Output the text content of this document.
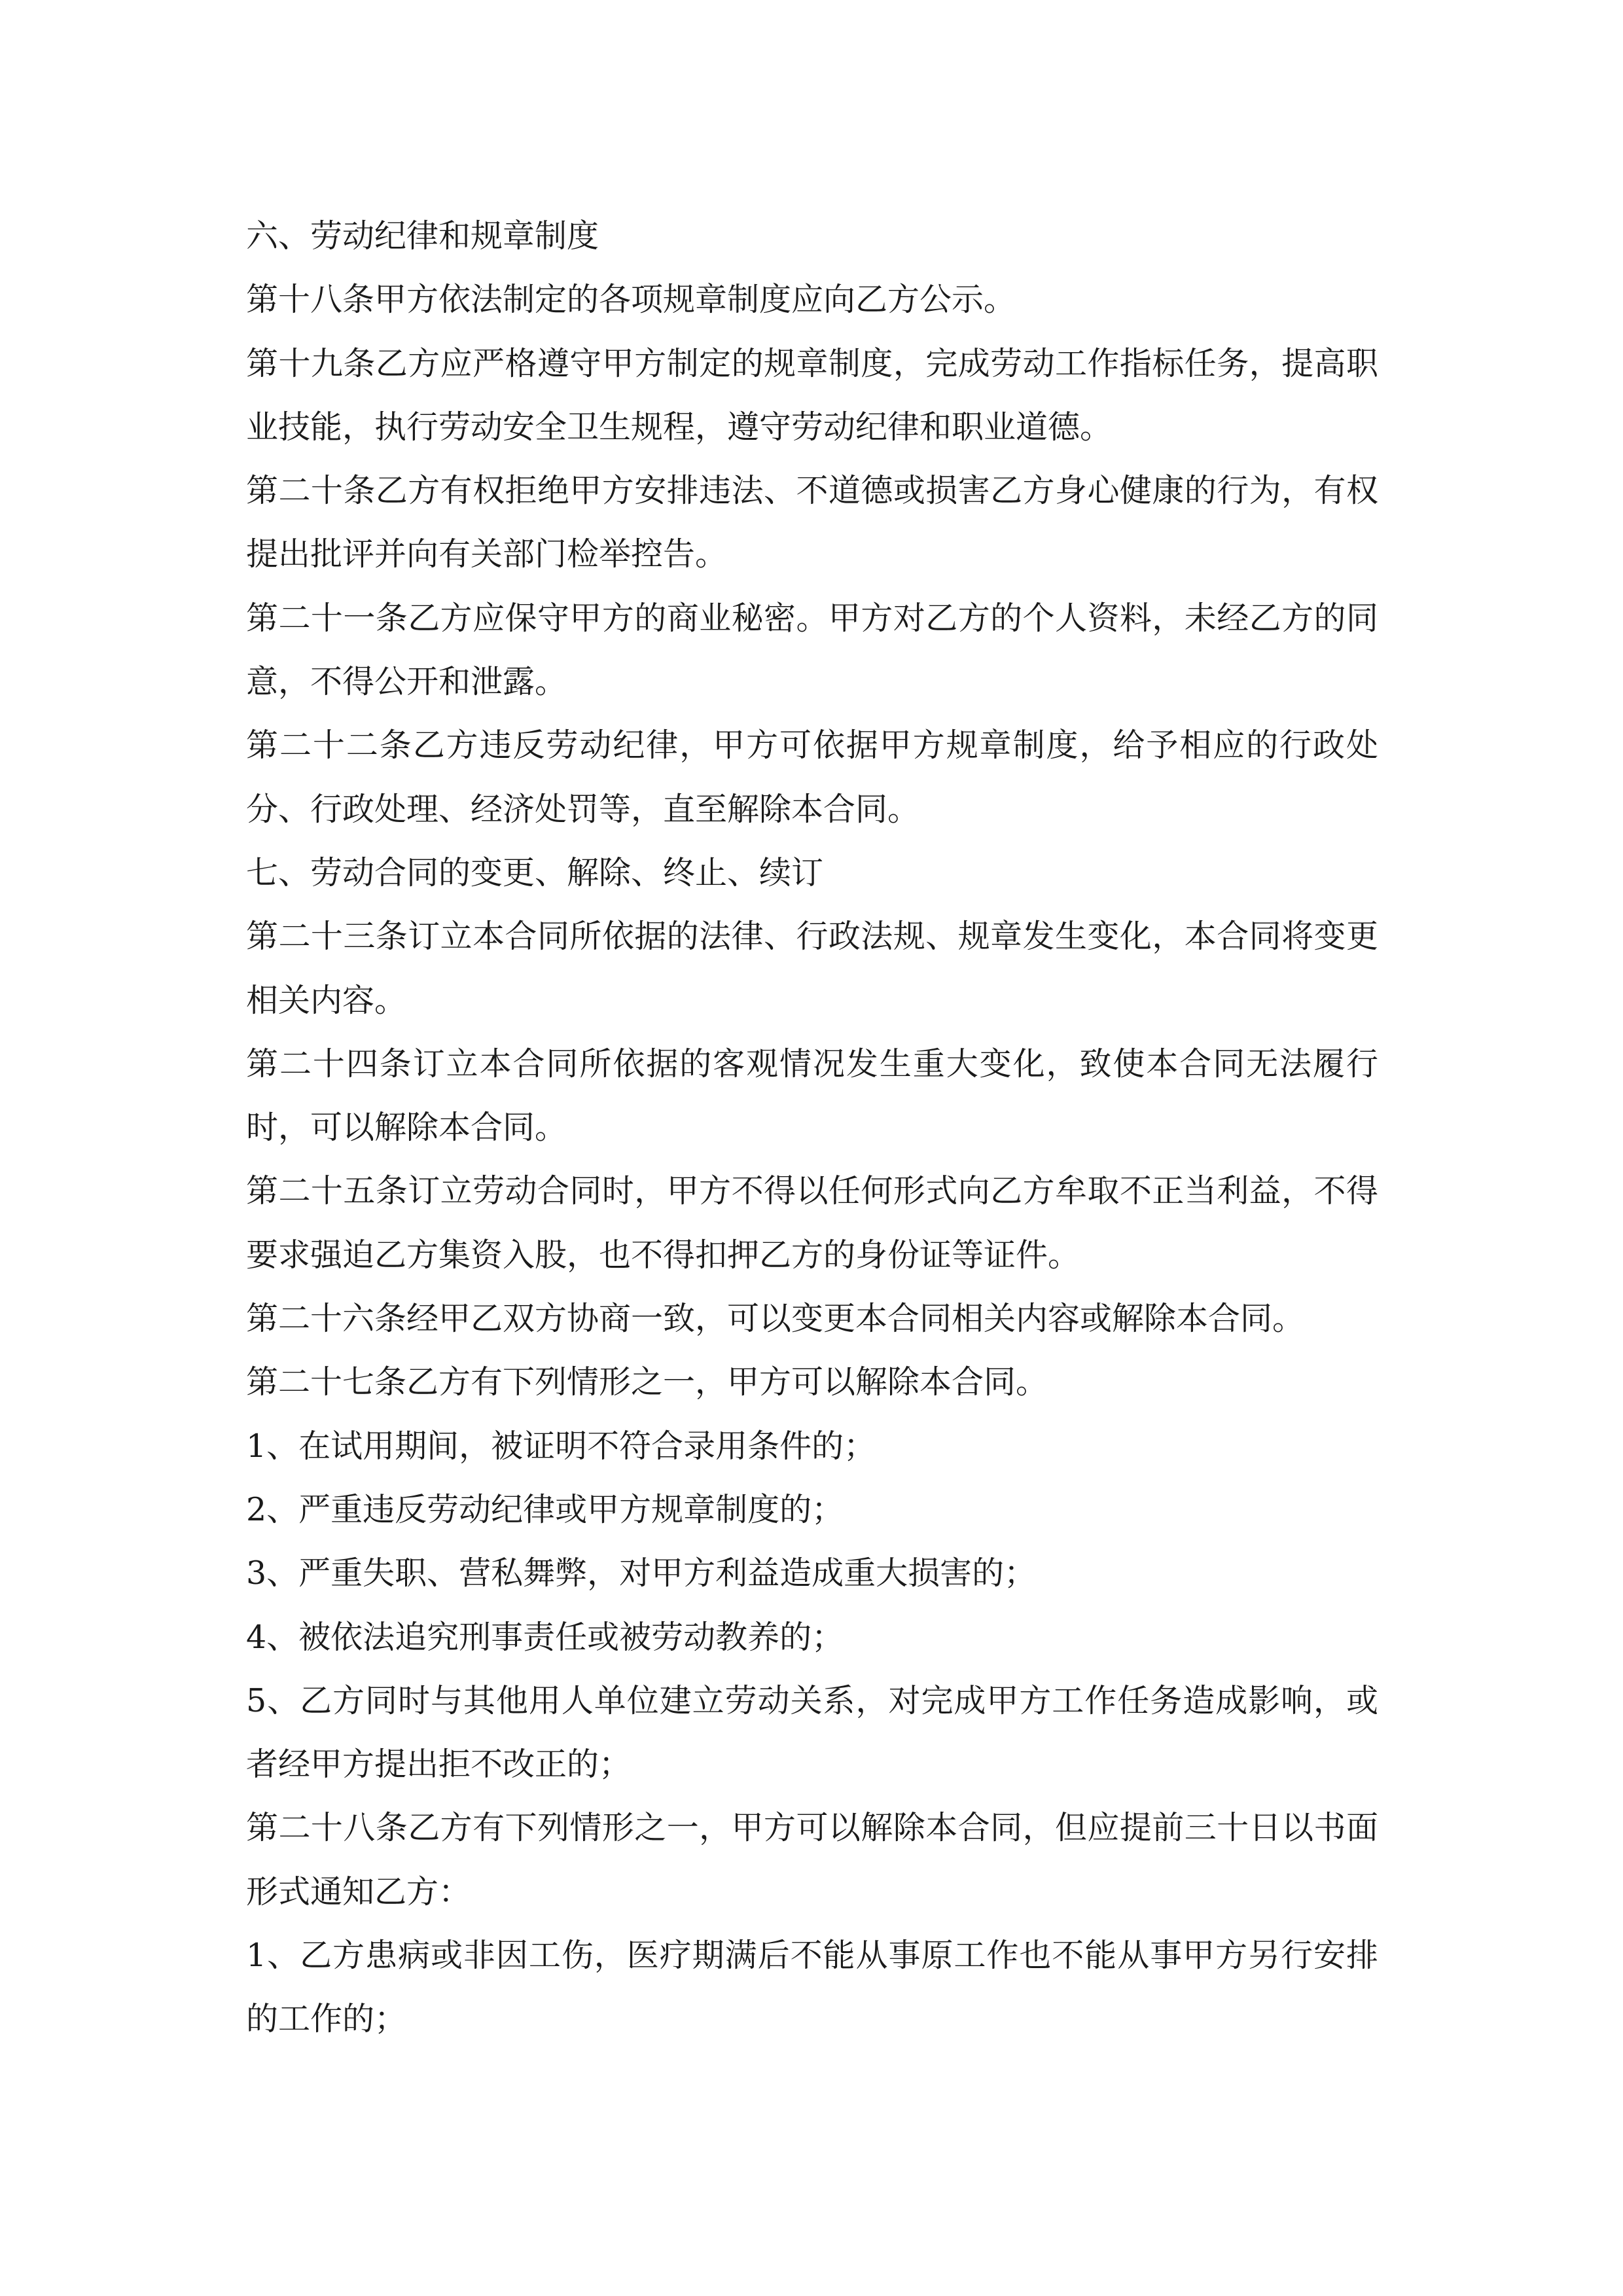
六、劳动纪律和规章制度

第十八条甲方依法制定的各项规章制度应向乙方公示。

第十九条乙方应严格遵守甲方制定的规章制度，完成劳动工作指标任务，提高职业技能，执行劳动安全卫生规程，遵守劳动纪律和职业道德。

第二十条乙方有权拒绝甲方安排违法、不道德或损害乙方身心健康的行为，有权提出批评并向有关部门检举控告。

第二十一条乙方应保守甲方的商业秘密。甲方对乙方的个人资料，未经乙方的同意，不得公开和泄露。

第二十二条乙方违反劳动纪律，甲方可依据甲方规章制度，给予相应的行政处分、行政处理、经济处罚等，直至解除本合同。

七、劳动合同的变更、解除、终止、续订

第二十三条订立本合同所依据的法律、行政法规、规章发生变化，本合同将变更相关内容。

第二十四条订立本合同所依据的客观情况发生重大变化，致使本合同无法履行时，可以解除本合同。

第二十五条订立劳动合同时，甲方不得以任何形式向乙方牟取不正当利益，不得要求强迫乙方集资入股，也不得扣押乙方的身份证等证件。

第二十六条经甲乙双方协商一致，可以变更本合同相关内容或解除本合同。

第二十七条乙方有下列情形之一，甲方可以解除本合同。

1、在试用期间，被证明不符合录用条件的；

2、严重违反劳动纪律或甲方规章制度的；

3、严重失职、营私舞弊，对甲方利益造成重大损害的；

4、被依法追究刑事责任或被劳动教养的；

5、乙方同时与其他用人单位建立劳动关系，对完成甲方工作任务造成影响，或者经甲方提出拒不改正的；

第二十八条乙方有下列情形之一，甲方可以解除本合同，但应提前三十日以书面形式通知乙方：

1、乙方患病或非因工伤，医疗期满后不能从事原工作也不能从事甲方另行安排的工作的；
